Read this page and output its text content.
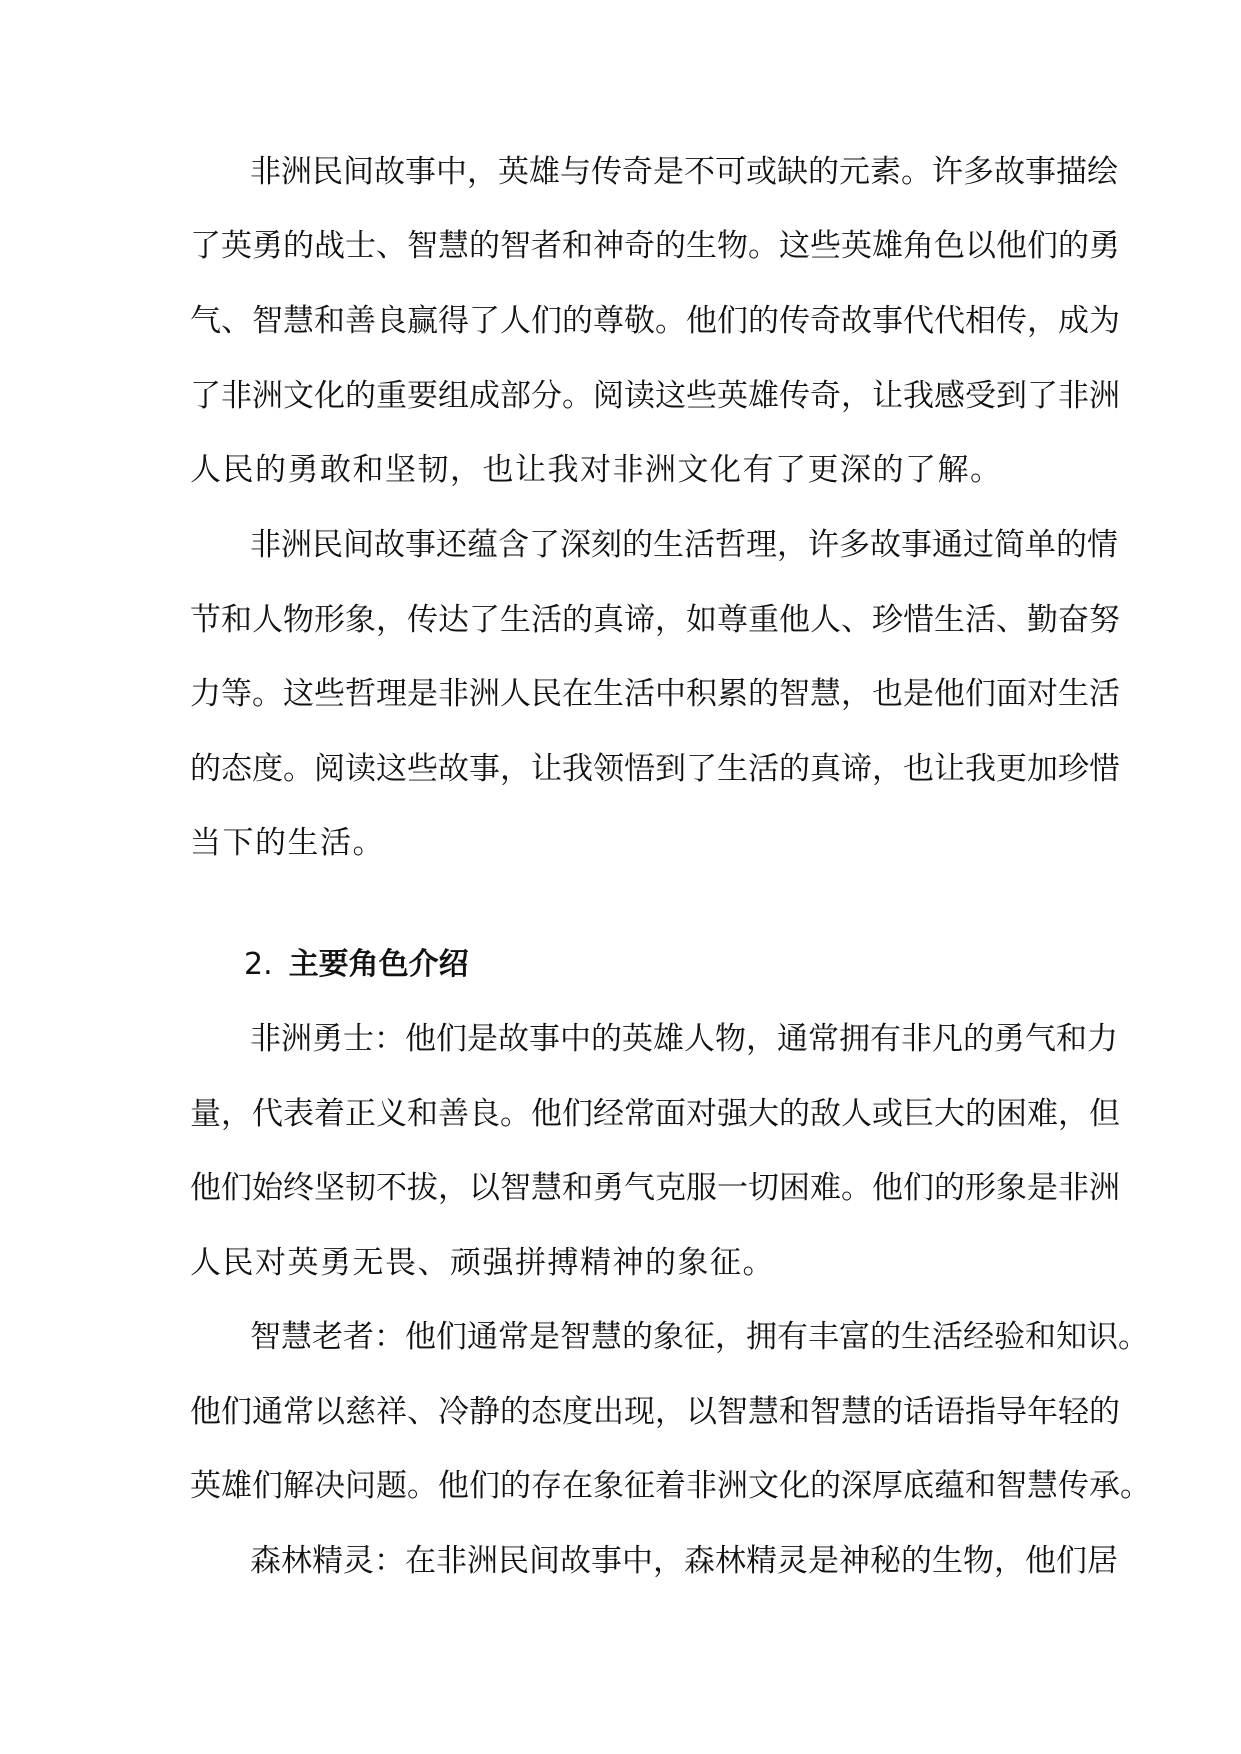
非洲民间故事中，英雄与传奇是不可或缺的元素。许多故事描绘
了英勇的战士、智慧的智者和神奇的生物。这些英雄角色以他们的勇
气、智慧和善良赢得了人们的尊敬。他们的传奇故事代代相传，成为
了非洲文化的重要组成部分。阅读这些英雄传奇，让我感受到了非洲
人民的勇敢和坚韧，也让我对非洲文化有了更深的了解。
非洲民间故事还蕴含了深刻的生活哲理，许多故事通过简单的情
节和人物形象，传达了生活的真谛，如尊重他人、珍惜生活、勤奋努
力等。这些哲理是非洲人民在生活中积累的智慧，也是他们面对生活
的态度。阅读这些故事，让我领悟到了生活的真谛，也让我更加珍惜
当下的生活。
2. 主要角色介绍
非洲勇士：他们是故事中的英雄人物，通常拥有非凡的勇气和力
量，代表着正义和善良。他们经常面对强大的敌人或巨大的困难，但
他们始终坚韧不拔，以智慧和勇气克服一切困难。他们的形象是非洲
人民对英勇无畏、顽强拼搏精神的象征。
智慧老者：他们通常是智慧的象征，拥有丰富的生活经验和知识。
他们通常以慈祥、冷静的态度出现，以智慧和智慧的话语指导年轻的
英雄们解决问题。他们的存在象征着非洲文化的深厚底蕴和智慧传承。
森林精灵：在非洲民间故事中，森林精灵是神秘的生物，他们居
